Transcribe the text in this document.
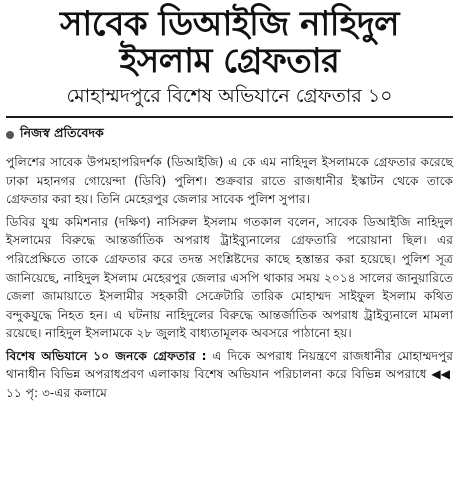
সাবেক ডিআইজি নাহিদুল
ইসলাম গ্রেফতার
মোহাম্মদপুরে বিশেষ অভিযানে গ্রেফতার ১০
নিজস্ব প্রতিবেদক

পুলিশের সাবেক উপমহাপরিদর্শক (ডিআইজি) এ কে এম নাহিদুল ইসলামকে গ্রেফতার করেছে ঢাকা মহানগর গোয়েন্দা (ডিবি) পুলিশ। শুক্রবার রাতে রাজধানীর ইস্কাটন থেকে তাকে গ্রেফতার করা হয়। তিনি মেহেরপুর জেলার সাবেক পুলিশ সুপার।

ডিবির যুগ্ম কমিশনার (দক্ষিণ) নাসিরুল ইসলাম গতকাল বলেন, সাবেক ডিআইজি নাহিদুল ইসলামের বিরুদ্ধে আন্তর্জাতিক অপরাধ ট্রাইব্যুনালের গ্রেফতারি পরোয়ানা ছিল। এর পরিপ্রেক্ষিতে তাকে গ্রেফতার করে তদন্ত সংশ্লিষ্টদের কাছে হস্তান্তর করা হয়েছে। পুলিশ সূত্র জানিয়েছে, নাহিদুল ইসলাম মেহেরপুর জেলার এসপি থাকার সময় ২০১৪ সালের জানুয়ারিতে জেলা জামায়াতে ইসলামীর সহকারী সেক্রেটারি তারিক মোহাম্মদ সাইফুল ইসলাম কথিত বন্দুকযুদ্ধে নিহত হন। এ ঘটনায় নাহিদুলের বিরুদ্ধে আন্তর্জাতিক অপরাধ ট্রাইব্যুনালে মামলা রয়েছে। নাহিদুল ইসলামকে ২৮ জুলাই বাধ্যতামূলক অবসরে পাঠানো হয়।

বিশেষ অভিযানে ১০ জনকে গ্রেফতার : এ দিকে অপরাধ নিয়ন্ত্রণে রাজধানীর মোহাম্মদপুর থানাধীন বিভিন্ন অপরাধপ্রবণ এলাকায় বিশেষ অভিযান পরিচালনা করে বিভিন্ন অপরাধে ◀◀১১ পৃ: ৩-এর কলামে
